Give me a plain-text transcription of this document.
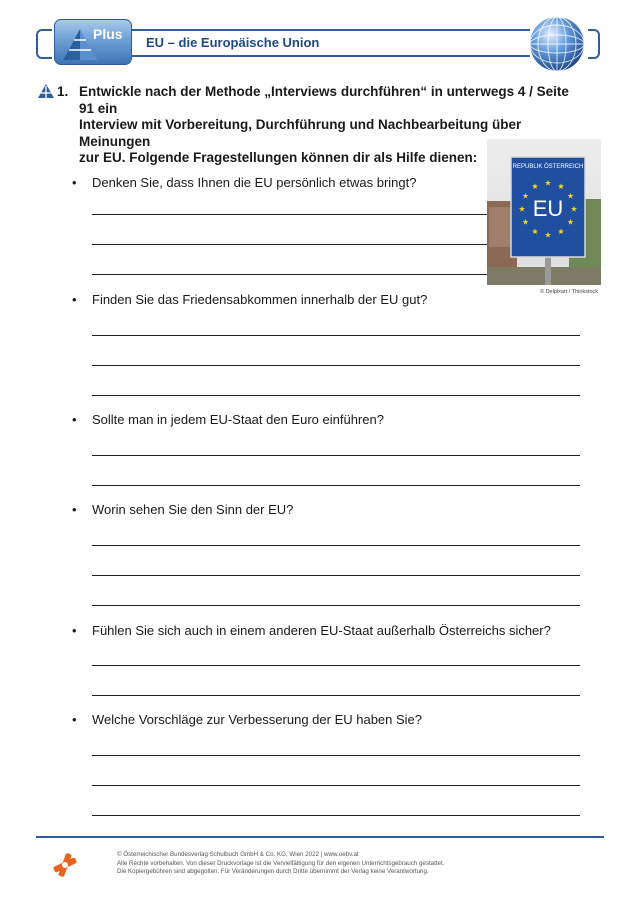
Plus
EU – die Europäische Union
1. Entwickle nach der Methode „Interviews durchführen“ in unterwegs 4 / Seite 91 ein
Interview mit Vorbereitung, Durchführung und Nachbearbeitung über Meinungen
zur EU. Folgende Fragestellungen können dir als Hilfe dienen:
REPUBLIK ÖSTERREICH
EU
© Delpixart / Thinkstock
• Denken Sie, dass Ihnen die EU persönlich etwas bringt?
• Finden Sie das Friedensabkommen innerhalb der EU gut?
• Sollte man in jedem EU-Staat den Euro einführen?
• Worin sehen Sie den Sinn der EU?
• Fühlen Sie sich auch in einem anderen EU-Staat außerhalb Österreichs sicher?
• Welche Vorschläge zur Verbesserung der EU haben Sie?
© Österreichischer Bundesverlag Schulbuch GmbH & Co. KG, Wien 2022 | www.oebv.at
Alle Rechte vorbehalten. Von dieser Druckvorlage ist die Vervielfältigung für den eigenen Unterrichtsgebrauch gestattet.
Die Kopiergebühren sind abgegolten. Für Veränderungen durch Dritte übernimmt der Verlag keine Verantwortung.
